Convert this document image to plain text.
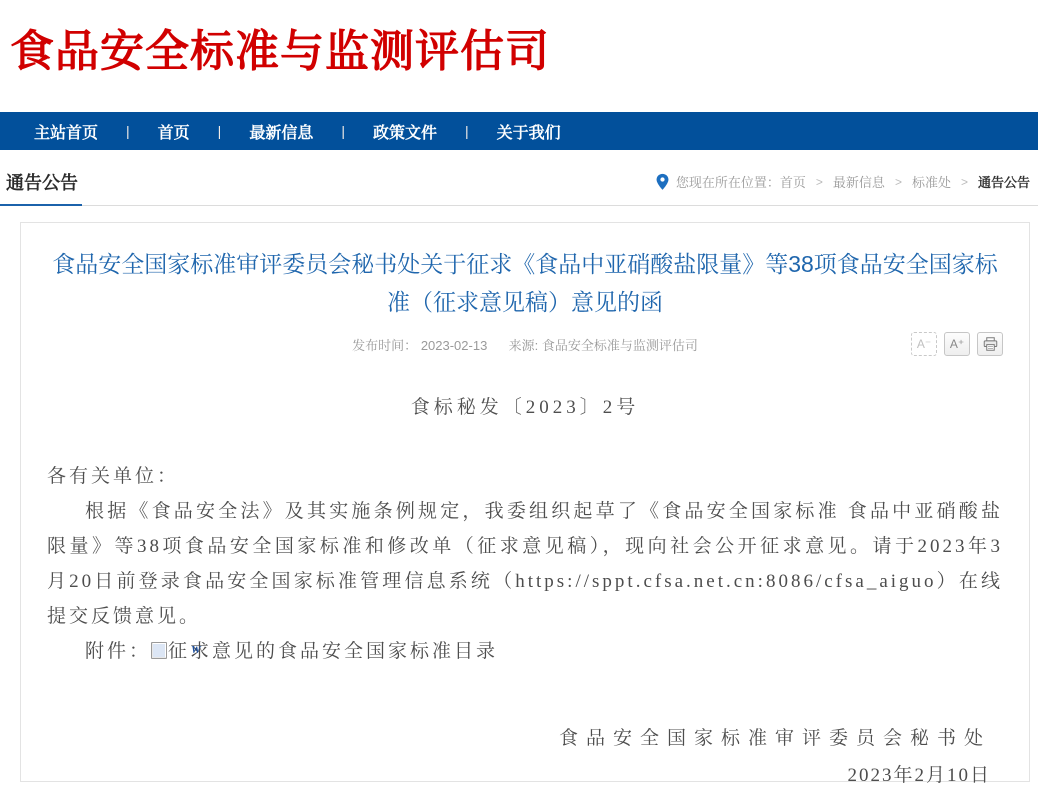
食品安全标准与监测评估司
主站首页 | 首页 | 最新信息 | 政策文件 | 关于我们
通告公告	您现在所在位置： 首页 > 最新信息 > 标准处 > 通告公告
食品安全国家标准审评委员会秘书处关于征求《食品中亚硝酸盐限量》等38项食品安全国家标准（征求意见稿）意见的函
发布时间： 2023-02-13 来源: 食品安全标准与监测评估司	A⁻	A⁺
食标秘发〔2023〕2号

各有关单位：

根据《食品安全法》及其实施条例规定，我委组织起草了《食品安全国家标准 食品中亚硝酸盐限量》等38项食品安全国家标准和修改单（征求意见稿），现向社会公开征求意见。请于2023年3月20日前登录食品安全国家标准管理信息系统（https://sppt.cfsa.net.cn:8086/cfsa_aiguo）在线提交反馈意见。

附件： W 征求意见的食品安全国家标准目录

食品安全国家标准审评委员会秘书处

2023年2月10日
